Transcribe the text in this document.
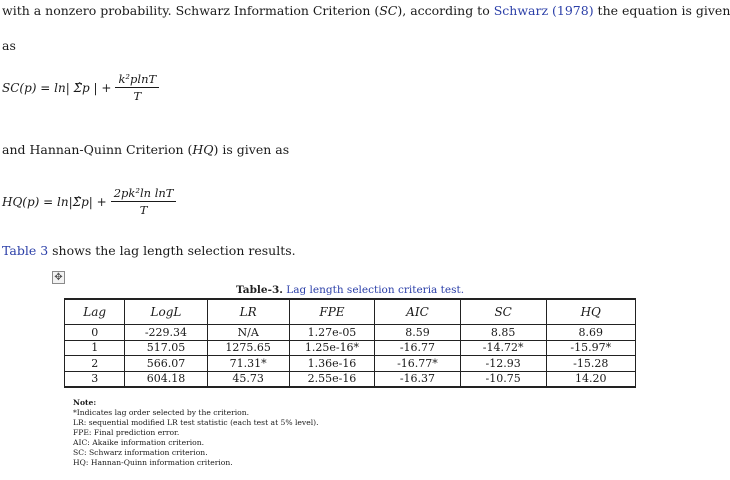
with a nonzero probability. Schwarz Information Criterion (SC), according to Schwarz (1978) the equation is given
as
SC(p) = ln| Σ̂p | + $\frac{\text{k²plnT}}{T}$
and Hannan-Quinn Criterion (HQ) is given as
HQ(p) = ln|Σ̂p| + $\frac{\text{2pk²ln lnT}}{T}$
Table 3 shows the lag length selection results.
✥
Table-3. Lag length selection criteria test.
Lag	LogL	LR	FPE	AIC	SC	HQ
0	-229.34	N/A	1.27e-05	8.59	8.85	8.69
1	517.05	1275.65	1.25e-16*	-16.77	-14.72*	-15.97*
2	566.07	71.31*	1.36e-16	-16.77*	-12.93	-15.28
3	604.18	45.73	2.55e-16	-16.37	-10.75	14.20
Note:
*Indicates lag order selected by the criterion.
LR: sequential modified LR test statistic (each test at 5% level).
FPE: Final prediction error.
AIC: Akaike information criterion.
SC: Schwarz information criterion.
HQ: Hannan-Quinn information criterion.
